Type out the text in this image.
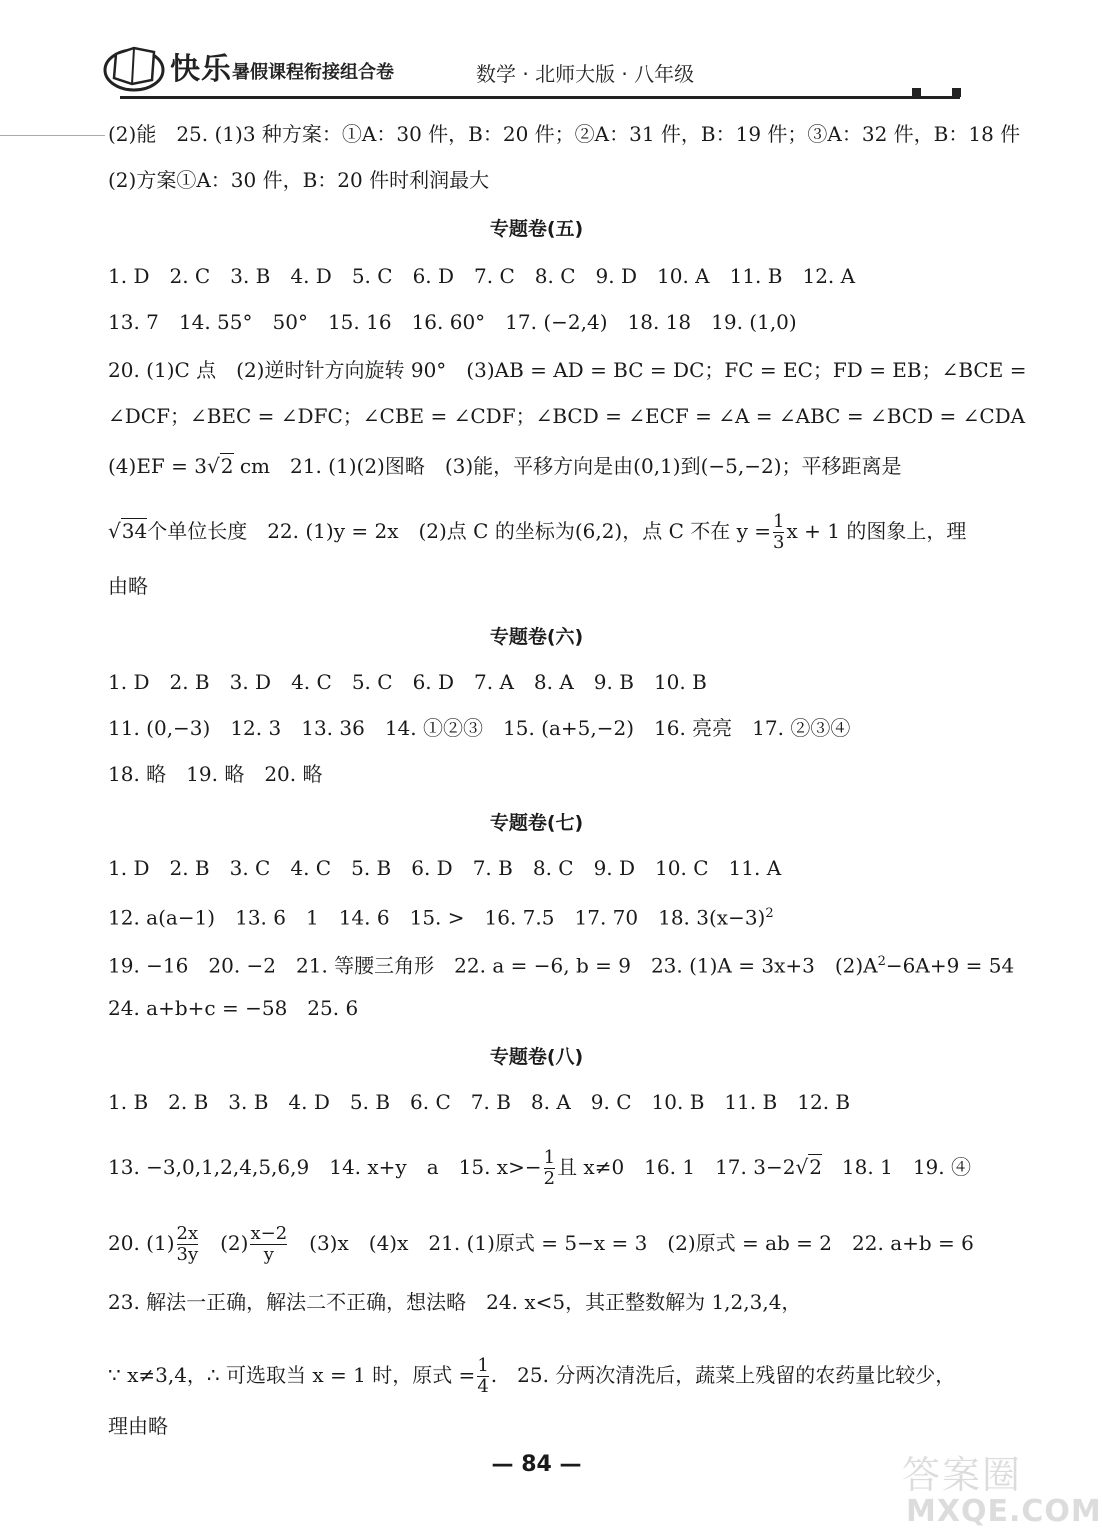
快乐 暑假课程衔接组合卷	数学 · 北师大版 · 八年级
(2)能　25. (1)3 种方案：①A：30 件，B：20 件；②A：31 件，B：19 件；③A：32 件，B：18 件
(2)方案①A：30 件，B：20 件时利润最大
专题卷(五)
1. D　2. C　3. B　4. D　5. C　6. D　7. C　8. C　9. D　10. A　11. B　12. A
13. 7　14. 55°　50°　15. 16　16. 60°　17. (−2,4)　18. 18　19. (1,0)
20. (1)C 点　(2)逆时针方向旋转 90°　(3)AB = AD = BC = DC；FC = EC；FD = EB；∠BCE =
∠DCF；∠BEC = ∠DFC；∠CBE = ∠CDF；∠BCD = ∠ECF = ∠A = ∠ABC = ∠BCD = ∠CDA
(4)EF = 3√2 cm　21. (1)(2)图略　(3)能，平移方向是由(0,1)到(−5,−2)；平移距离是
√34个单位长度　22. (1)y = 2x　(2)点 C 的坐标为(6,2)，点 C 不在 $y = \frac{1}{3}$ x + 1 的图象上，理
由略
专题卷(六)
1. D　2. B　3. D　4. C　5. C　6. D　7. A　8. A　9. B　10. B
11. (0,−3)　12. 3　13. 36　14. ①②③　15. (a+5,−2)　16. 亮亮　17. ②③④
18. 略　19. 略　20. 略
专题卷(七)
1. D　2. B　3. C　4. C　5. B　6. D　7. B　8. C　9. D　10. C　11. A
12. a(a−1)　13. 6　1　14. 6　15. >　16. 7.5　17. 70　18. $3(x-3)^2$
19. −16　20. −2　21. 等腰三角形　22. a = −6, b = 9　23. (1)A = 3x+3　$(2)A^2-6A+9 = 54$
24. a+b+c = −58　25. 6
专题卷(八)
1. B　2. B　3. B　4. D　5. B　6. C　7. B　8. A　9. C　10. B　11. B　12. B
13. −3,0,1,2,4,5,6,9　14. x+y　a　15. $x>- \frac{1}{2}$ 且 x≠0　16. 1　17. 3−2√2　18. 1　19. ④
20. $(1) \frac{2x}{3y}$ 　$(2) \frac{x-2}{y}$ 　(3)x　(4)x　21. (1)原式 = 5−x = 3　(2)原式 = ab = 2　22. a+b = 6
23. 解法一正确，解法二不正确，想法略　24. x<5，其正整数解为 1,2,3,4，
∵ x≠3,4，∴ 可选取当 x = 1 时，原式 = $\frac{1}{4}$ .　25. 分两次清洗后，蔬菜上残留的农药量比较少，
理由略
— 84 —	答案圈
MXQE.COM
